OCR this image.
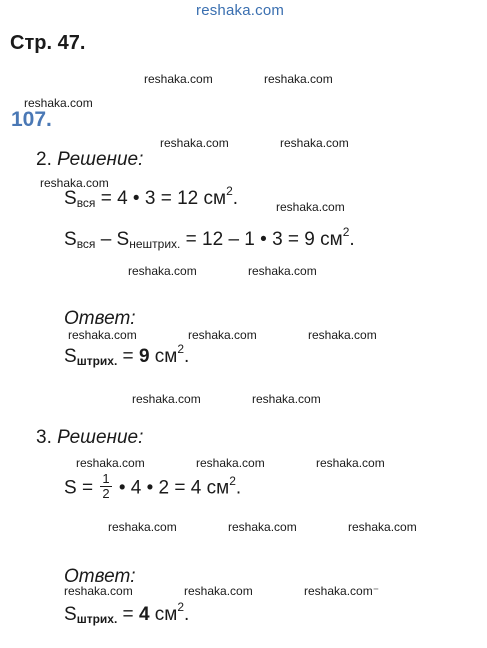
reshaka.com
Стр. 47.
reshaka.com	reshaka.com
reshaka.com
107.
reshaka.com	reshaka.com
2. Решение:
reshaka.com
Sвся = 4 • 3 = 12 $см^2$.	reshaka.com
Sвся – Sнештрих. = 12 – 1 • 3 = 9 $см^2$.
reshaka.com	reshaka.com
Ответ:
reshaka.com	reshaka.com	reshaka.com
Sштрих. = 9 $см^2$.
reshaka.com	reshaka.com
3. Решение:
reshaka.com	reshaka.com	reshaka.com
$S = \frac{1}{2}$ • 4 • 2 = 4 $см^2$.
reshaka.com	reshaka.com	reshaka.com
Ответ:
reshaka.com	reshaka.com	reshaka.com⁻
Sштрих. = 4 $см^2$.
